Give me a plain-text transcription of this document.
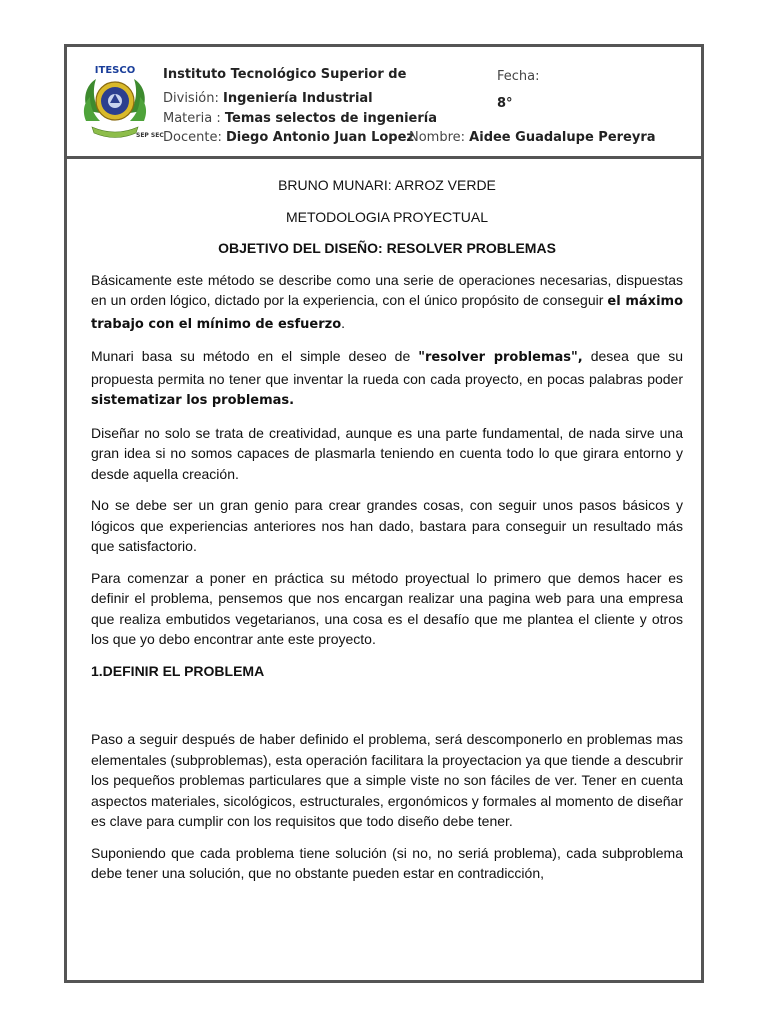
ITESCO
SEP SEC
Instituto Tecnológico Superior de
División: Ingeniería Industrial
Materia : Temas selectos de ingeniería
Docente: Diego Antonio Juan Lopez
Fecha:
8°
Nombre: Aidee Guadalupe Pereyra
BRUNO MUNARI: ARROZ VERDE
METODOLOGIA PROYECTUAL
OBJETIVO DEL DISEÑO: RESOLVER PROBLEMAS

Básicamente este método se describe como una serie de operaciones necesarias, dispuestas en un orden lógico, dictado por la experiencia, con el único propósito de conseguir el máximo trabajo con el mínimo de esfuerzo.

Munari basa su método en el simple deseo de "resolver problemas", desea que su propuesta permita no tener que inventar la rueda con cada proyecto, en pocas palabras poder sistematizar los problemas.

Diseñar no solo se trata de creatividad, aunque es una parte fundamental, de nada sirve una gran idea si no somos capaces de plasmarla teniendo en cuenta todo lo que girara entorno y desde aquella creación.

No se debe ser un gran genio para crear grandes cosas, con seguir unos pasos básicos y lógicos que experiencias anteriores nos han dado, bastara para conseguir un resultado más que satisfactorio.

Para comenzar a poner en práctica su método proyectual lo primero que demos hacer es definir el problema, pensemos que nos encargan realizar una pagina web para una empresa que realiza embutidos vegetarianos, una cosa es el desafío que me plantea el cliente y otros los que yo debo encontrar ante este proyecto.

1.DEFINIR EL PROBLEMA

Paso a seguir después de haber definido el problema, será descomponerlo en problemas mas elementales (subproblemas), esta operación facilitara la proyectacion ya que tiende a descubrir los pequeños problemas particulares que a simple viste no son fáciles de ver. Tener en cuenta aspectos materiales, sicológicos, estructurales, ergonómicos y formales al momento de diseñar es clave para cumplir con los requisitos que todo diseño debe tener.

Suponiendo que cada problema tiene solución (si no, no seriá problema), cada subproblema debe tener una solución, que no obstante pueden estar en contradicción,
